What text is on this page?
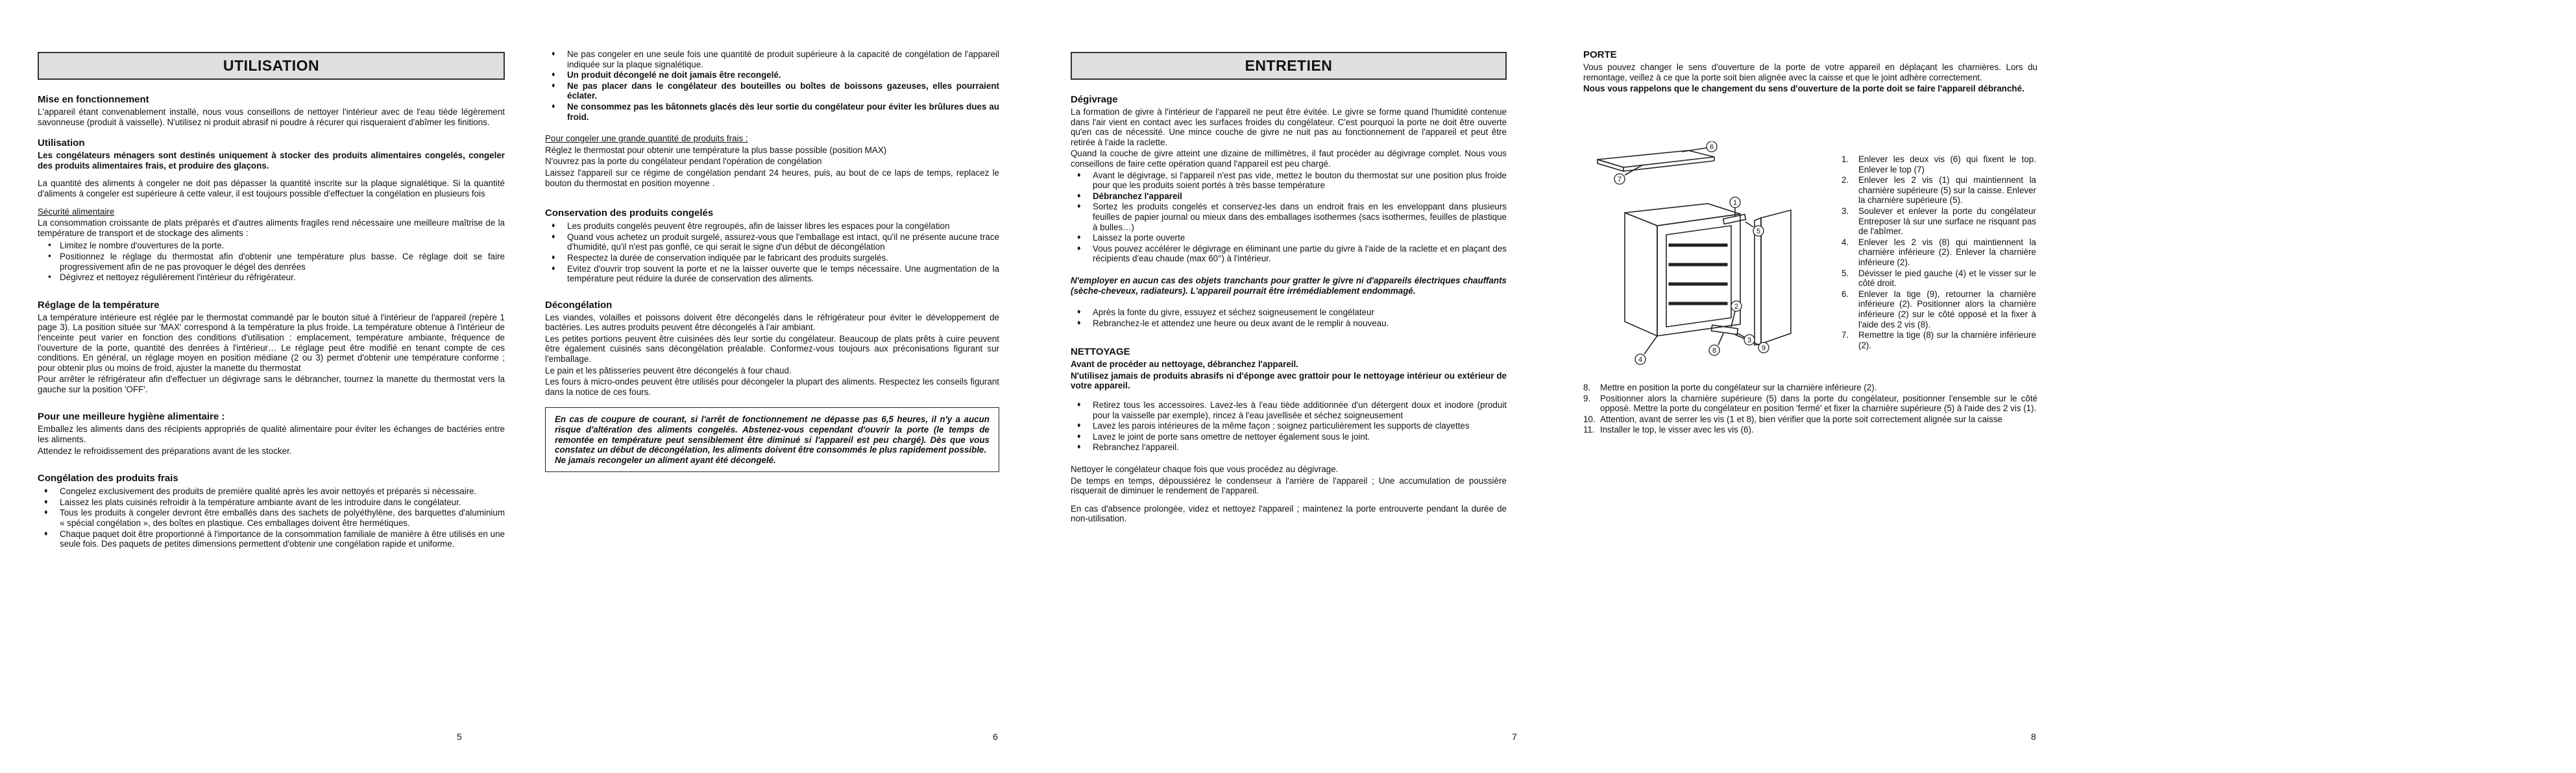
UTILISATION
Mise en fonctionnement

L'appareil étant convenablement installé, nous vous conseillons de nettoyer l'intérieur avec de l'eau tiède légèrement savonneuse (produit à vaisselle). N'utilisez ni produit abrasif ni poudre à récurer qui risqueraient d'abîmer les finitions.

Utilisation

Les congélateurs ménagers sont destinés uniquement à stocker des produits alimentaires congelés, congeler des produits alimentaires frais, et produire des glaçons.

La quantité des aliments à congeler ne doit pas dépasser la quantité inscrite sur la plaque signalétique. Si la quantité d'aliments à congeler est supérieure à cette valeur, il est toujours possible d'effectuer la congélation en plusieurs fois

Sécurité alimentaire

La consommation croissante de plats préparés et d'autres aliments fragiles rend nécessaire une meilleure maîtrise de la température de transport et de stockage des aliments :

• Limitez le nombre d'ouvertures de la porte.
• Positionnez le réglage du thermostat afin d'obtenir une température plus basse. Ce réglage doit se faire progressivement afin de ne pas provoquer le dégel des denrées
• Dégivrez et nettoyez régulièrement l'intérieur du réfrigérateur.
Réglage de la température

La température intérieure est réglée par le thermostat commandé par le bouton situé à l'intérieur de l'appareil (repère 1 page 3). La position située sur 'MAX' correspond à la température la plus froide. La température obtenue à l'intérieur de l'enceinte peut varier en fonction des conditions d'utilisation : emplacement, température ambiante, fréquence de l'ouverture de la porte, quantité des denrées à l'intérieur… Le réglage peut être modifié en tenant compte de ces conditions. En général, un réglage moyen en position médiane (2 ou 3) permet d'obtenir une température conforme ; pour obtenir plus ou moins de froid, ajuster la manette du thermostat

Pour arrêter le réfrigérateur afin d'effectuer un dégivrage sans le débrancher, tournez la manette du thermostat vers la gauche sur la position 'OFF'.

Pour une meilleure hygiène alimentaire :

Emballez les aliments dans des récipients appropriés de qualité alimentaire pour éviter les échanges de bactéries entre les aliments.

Attendez le refroidissement des préparations avant de les stocker.

Congélation des produits frais
♦ Congelez exclusivement des produits de première qualité après les avoir nettoyés et préparés si nécessaire.
♦ Laissez les plats cuisinés refroidir à la température ambiante avant de les introduire dans le congélateur.
♦ Tous les produits à congeler devront être emballés dans des sachets de polyéthylène, des barquettes d'aluminium « spécial congélation », des boîtes en plastique. Ces emballages doivent être hermétiques.
♦ Chaque paquet doit être proportionné à l'importance de la consommation familiale de manière à être utilisés en une seule fois. Des paquets de petites dimensions permettent d'obtenir une congélation rapide et uniforme.
5
♦ Ne pas congeler en une seule fois une quantité de produit supérieure à la capacité de congélation de l'appareil indiquée sur la plaque signalétique.
♦ Un produit décongelé ne doit jamais être recongelé.
♦ Ne pas placer dans le congélateur des bouteilles ou boîtes de boissons gazeuses, elles pourraient éclater.
♦ Ne consommez pas les bâtonnets glacés dès leur sortie du congélateur pour éviter les brûlures dues au froid.

Pour congeler une grande quantité de produits frais :

Réglez le thermostat pour obtenir une température la plus basse possible (position MAX)

N'ouvrez pas la porte du congélateur pendant l'opération de congélation

Laissez l'appareil sur ce régime de congélation pendant 24 heures, puis, au bout de ce laps de temps, replacez le bouton du thermostat en position moyenne .

Conservation des produits congelés
♦ Les produits congelés peuvent être regroupés, afin de laisser libres les espaces pour la congélation
♦ Quand vous achetez un produit surgelé, assurez-vous que l'emballage est intact, qu'il ne présente aucune trace d'humidité, qu'il n'est pas gonflé, ce qui serait le signe d'un début de décongélation
♦ Respectez la durée de conservation indiquée par le fabricant des produits surgelés.
♦ Evitez d'ouvrir trop souvent la porte et ne la laisser ouverte que le temps nécessaire. Une augmentation de la température peut réduire la durée de conservation des aliments.
Décongélation

Les viandes, volailles et poissons doivent être décongelés dans le réfrigérateur pour éviter le développement de bactéries. Les autres produits peuvent être décongelés à l'air ambiant.

Les petites portions peuvent être cuisinées dès leur sortie du congélateur. Beaucoup de plats prêts à cuire peuvent être également cuisinés sans décongélation préalable. Conformez-vous toujours aux préconisations figurant sur l'emballage.

Le pain et les pâtisseries peuvent être décongelés à four chaud.

Les fours à micro-ondes peuvent être utilisés pour décongeler la plupart des aliments. Respectez les conseils figurant dans la notice de ces fours.

En cas de coupure de courant, si l'arrêt de fonctionnement ne dépasse pas 6,5 heures, il n'y a aucun risque d'altération des aliments congelés. Abstenez-vous cependant d'ouvrir la porte (le temps de remontée en température peut sensiblement être diminué si l'appareil est peu chargé). Dès que vous constatez un début de décongélation, les aliments doivent être consommés le plus rapidement possible.

Ne jamais recongeler un aliment ayant été décongelé.

6
ENTRETIEN
Dégivrage

La formation de givre à l'intérieur de l'appareil ne peut être évitée. Le givre se forme quand l'humidité contenue dans l'air vient en contact avec les surfaces froides du congélateur. C'est pourquoi la porte ne doit être ouverte qu'en cas de nécessité. Une mince couche de givre ne nuit pas au fonctionnement de l'appareil et peut être retirée à l'aide la raclette.

Quand la couche de givre atteint une dizaine de millimètres, il faut procéder au dégivrage complet. Nous vous conseillons de faire cette opération quand l'appareil est peu chargé.

♦ Avant le dégivrage, si l'appareil n'est pas vide, mettez le bouton du thermostat sur une position plus froide pour que les produits soient portés à très basse température
♦ Débranchez l'appareil
♦ Sortez les produits congelés et conservez-les dans un endroit frais en les enveloppant dans plusieurs feuilles de papier journal ou mieux dans des emballages isothermes (sacs isothermes, feuilles de plastique à bulles…)
♦ Laissez la porte ouverte
♦ Vous pouvez accélérer le dégivrage en éliminant une partie du givre à l'aide de la raclette et en plaçant des récipients d'eau chaude (max 60°) à l'intérieur.

N'employer en aucun cas des objets tranchants pour gratter le givre ni d'appareils électriques chauffants (sèche-cheveux, radiateurs). L'appareil pourrait être irrémédiablement endommagé.

♦ Après la fonte du givre, essuyez et séchez soigneusement le congélateur
♦ Rebranchez-le et attendez une heure ou deux avant de le remplir à nouveau.
NETTOYAGE

Avant de procéder au nettoyage, débranchez l'appareil.

N'utilisez jamais de produits abrasifs ni d'éponge avec grattoir pour le nettoyage intérieur ou extérieur de votre appareil.

♦ Retirez tous les accessoires. Lavez-les à l'eau tiède additionnée d'un détergent doux et inodore (produit pour la vaisselle par exemple), rincez à l'eau javellisée et séchez soigneusement
♦ Lavez les parois intérieures de la même façon ; soignez particulièrement les supports de clayettes
♦ Lavez le joint de porte sans omettre de nettoyer également sous le joint.
♦ Rebranchez l'appareil.

Nettoyer le congélateur chaque fois que vous procédez au dégivrage.

De temps en temps, dépoussiérez le condenseur à l'arrière de l'appareil ; Une accumulation de poussière risquerait de diminuer le rendement de l'appareil.

En cas d'absence prolongée, videz et nettoyez l'appareil ; maintenez la porte entrouverte pendant la durée de non-utilisation.

7
PORTE

Vous pouvez changer le sens d'ouverture de la porte de votre appareil en déplaçant les charnières. Lors du remontage, veillez à ce que la porte soit bien alignée avec la caisse et que le joint adhère correctement.

Nous vous rappelons que le changement du sens d'ouverture de la porte doit se faire l'appareil débranché.

6
7
1
5
2
3
8	9
4
1. Enlever les deux vis (6) qui fixent le top. Enlever le top (7)
2. Enlever les 2 vis (1) qui maintiennent la charnière supérieure (5) sur la caisse. Enlever la charnière supérieure (5).
3. Soulever et enlever la porte du congélateur Entreposer là sur une surface ne risquant pas de l'abîmer.
4. Enlever les 2 vis (8) qui maintiennent la charnière inférieure (2). Enlever la charnière inférieure (2).
5. Dévisser le pied gauche (4) et le visser sur le côté droit.
6. Enlever la tige (9), retourner la charnière inférieure (2). Positionner alors la charnière inférieure (2) sur le côté opposé et la fixer à l'aide des 2 vis (8).
7. Remettre la tige (8) sur la charnière inférieure (2).
8. Mettre en position la porte du congélateur sur la charnière inférieure (2).
9. Positionner alors la charnière supérieure (5) dans la porte du congélateur, positionner l'ensemble sur le côté opposé. Mettre la porte du congélateur en position 'fermé' et fixer la charnière supérieure (5) à l'aide des 2 vis (1).
10. Attention, avant de serrer les vis (1 et 8), bien vérifier que la porte soit correctement alignée sur la caisse
11. Installer le top, le visser avec les vis (6).
8
